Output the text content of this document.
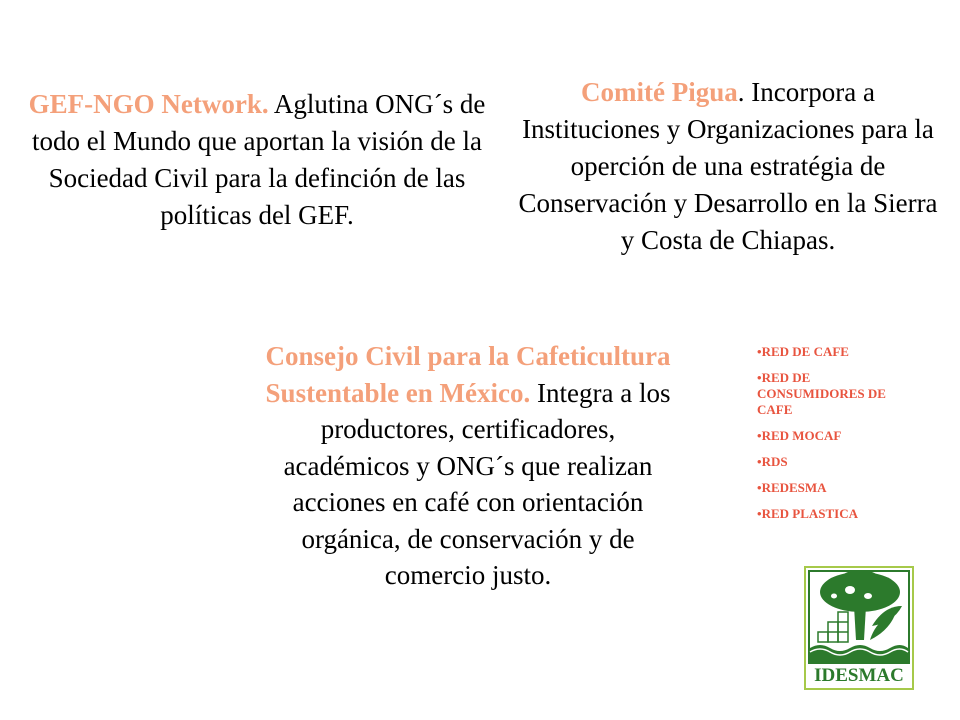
GEF-NGO Network. Aglutina ONG´s de todo el Mundo que aportan la visión de la Sociedad Civil para la definción de las políticas del GEF.
Comité Pigua. Incorpora a Instituciones y Organizaciones para la operción de una estratégia de Conservación y Desarrollo en la Sierra y Costa de Chiapas.
Consejo Civil para la Cafeticultura Sustentable en México. Integra a los productores, certificadores, académicos y ONG´s que realizan acciones en café con orientación orgánica, de conservación y de comercio justo.
• RED DE CAFE
• RED DE CONSUMIDORES DE CAFE
• RED MOCAF
• RDS
• REDESMA
• RED PLASTICA
IDESMAC
